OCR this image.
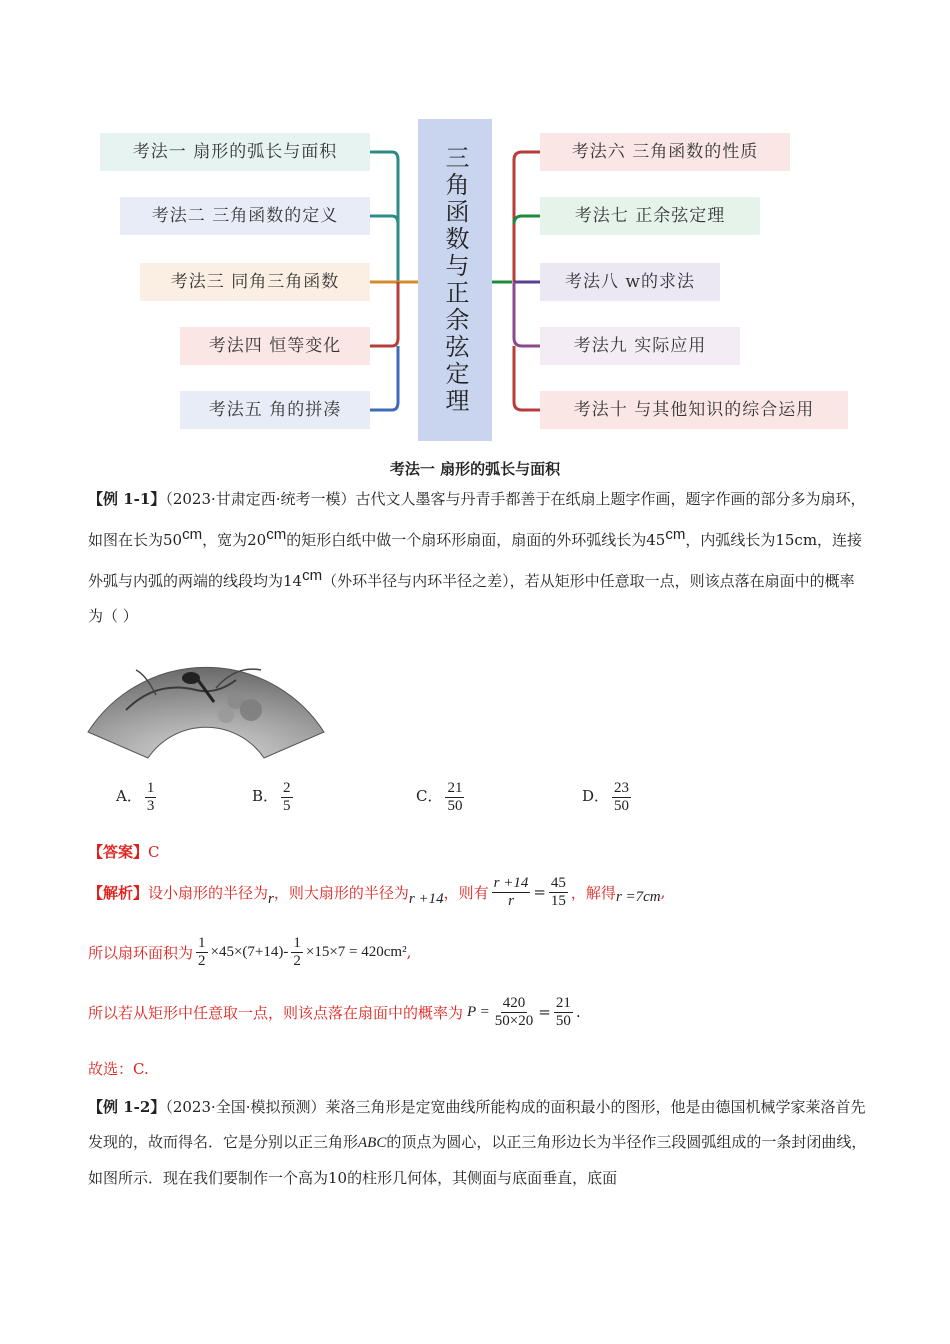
考法一 扇形的弧长与面积
考法二 三角函数的定义
考法三 同角三角函数
考法四 恒等变化
考法五 角的拼凑	三角函数与正余弦定理	考法六 三角函数的性质
考法七 正余弦定理
考法八 w的求法
考法九 实际应用
考法十 与其他知识的综合运用
考法一 扇形的弧长与面积
【例 1-1】（2023·甘肃定西·统考一模）古代文人墨客与丹青手都善于在纸扇上题字作画，题字作画的部分多为扇环，如图在长为50cm，宽为20cm的矩形白纸中做一个扇环形扇面，扇面的外环弧线长为45cm，内弧线长为15cm，连接外弧与内弧的两端的线段均为14cm（外环半径与内环半径之差），若从矩形中任意取一点，则该点落在扇面中的概率为（ ）
A． $\frac{1}{3}$	B． $\frac{2}{5}$	C． $\frac{21}{50}$	D． $\frac{23}{50}$
【答案】C
【解析】 设小扇形的半径为 r ，则大扇形的半径为 r +14 ，则有 $\frac{r +14}{r} = \frac{45}{15}$ ，解得 r =7cm ,
所以扇环面积为 $\frac{1}{2} \times 45\times(7+14)- \frac{1}{2} \times 15\times 7 = 420cm^2$ ,
所以若从矩形中任意取一点，则该点落在扇面中的概率为 $P = \frac{420}{50\times 20} = \frac{21}{50}$ .
故选：C.
【例 1-2】（2023·全国·模拟预测）莱洛三角形是定宽曲线所能构成的面积最小的图形，他是由德国机械学家莱洛首先发现的，故而得名．它是分别以正三角形ABC的顶点为圆心，以正三角形边长为半径作三段圆弧组成的一条封闭曲线，如图所示．现在我们要制作一个高为10的柱形几何体，其侧面与底面垂直，底面
